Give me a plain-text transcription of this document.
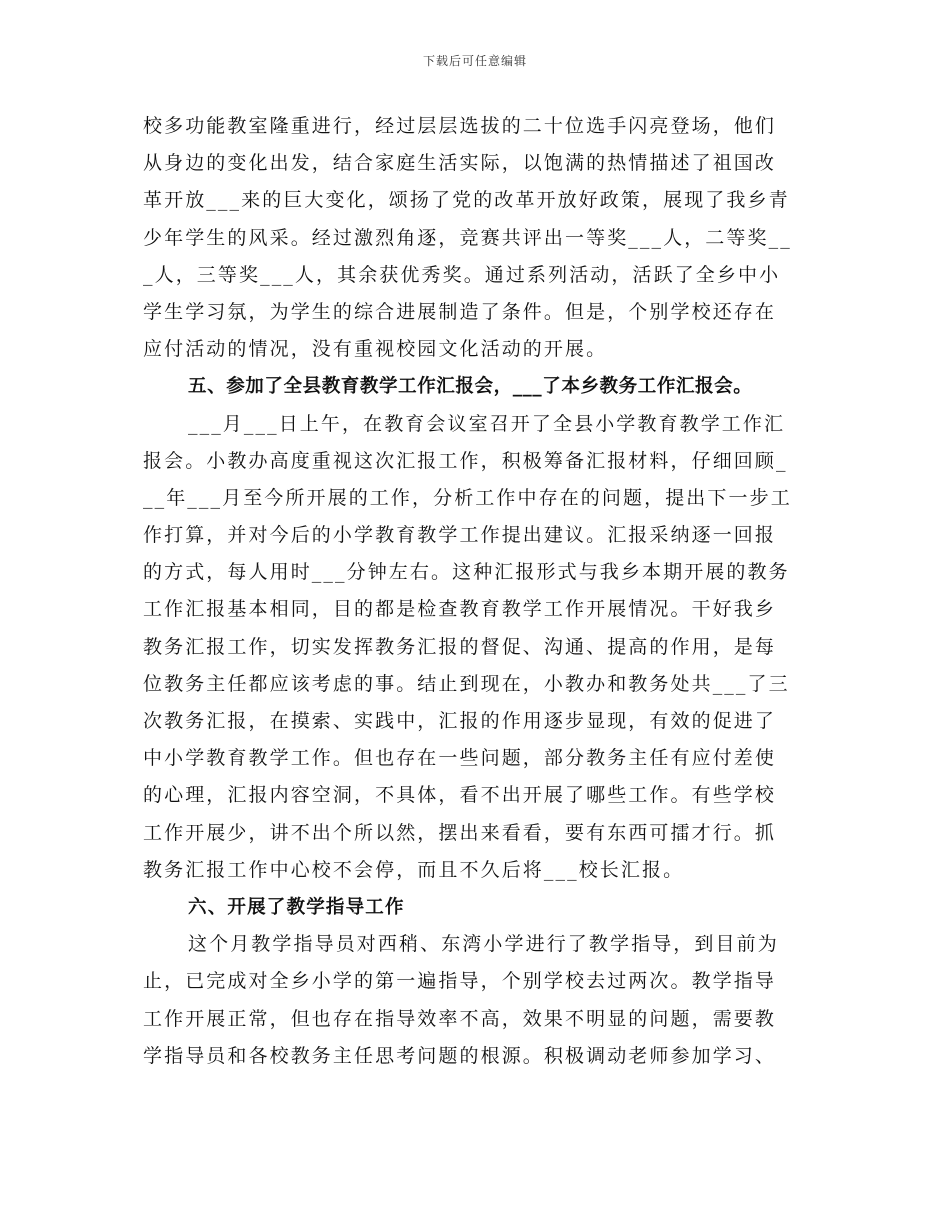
下载后可任意编辑
校多功能教室隆重进行，经过层层选拔的二十位选手闪亮登场，他们
从身边的变化出发，结合家庭生活实际，以饱满的热情描述了祖国改
革开放___来的巨大变化，颂扬了党的改革开放好政策，展现了我乡青
少年学生的风采。经过激烈角逐，竞赛共评出一等奖___人，二等奖__
_人，三等奖___人，其余获优秀奖。通过系列活动，活跃了全乡中小
学生学习氛，为学生的综合进展制造了条件。但是，个别学校还存在
应付活动的情况，没有重视校园文化活动的开展。
五、参加了全县教育教学工作汇报会，___了本乡教务工作汇报会。
___月___日上午，在教育会议室召开了全县小学教育教学工作汇
报会。小教办高度重视这次汇报工作，积极筹备汇报材料，仔细回顾_
__年___月至今所开展的工作，分析工作中存在的问题，提出下一步工
作打算，并对今后的小学教育教学工作提出建议。汇报采纳逐一回报
的方式，每人用时___分钟左右。这种汇报形式与我乡本期开展的教务
工作汇报基本相同，目的都是检查教育教学工作开展情况。干好我乡
教务汇报工作，切实发挥教务汇报的督促、沟通、提高的作用，是每
位教务主任都应该考虑的事。结止到现在，小教办和教务处共___了三
次教务汇报，在摸索、实践中，汇报的作用逐步显现，有效的促进了
中小学教育教学工作。但也存在一些问题，部分教务主任有应付差使
的心理，汇报内容空洞，不具体，看不出开展了哪些工作。有些学校
工作开展少，讲不出个所以然，摆出来看看，要有东西可擂才行。抓
教务汇报工作中心校不会停，而且不久后将___校长汇报。
六、开展了教学指导工作
这个月教学指导员对西稍、东湾小学进行了教学指导，到目前为
止，已完成对全乡小学的第一遍指导，个别学校去过两次。教学指导
工作开展正常，但也存在指导效率不高，效果不明显的问题，需要教
学指导员和各校教务主任思考问题的根源。积极调动老师参加学习、
